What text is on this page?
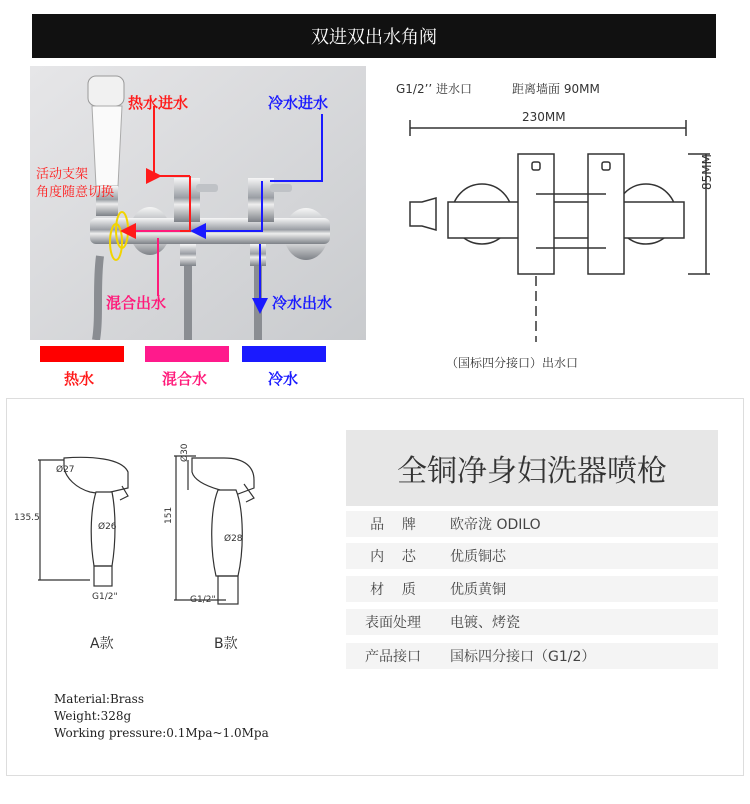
双进双出水角阀
热水进水	冷水进水
活动支架
角度随意切换
混合出水	冷水出水
热水	混合水	冷水
G1/2’’ 进水口	距离墙面 90MM
230MM
85MM
（国标四分接口）出水口
Ø27
135.5
Ø26
G1/2"
A款
Ø30
151
Ø28
G1/2"
B款
全铜净身妇洗器喷枪
品    牌	欧帝泷 ODILO
内    芯	优质铜芯
材    质	优质黄铜
表面处理	电镀、烤瓷
产品接口	国标四分接口（G1/2）
Material:Brass
Weight:328g
Working pressure:0.1Mpa~1.0Mpa
